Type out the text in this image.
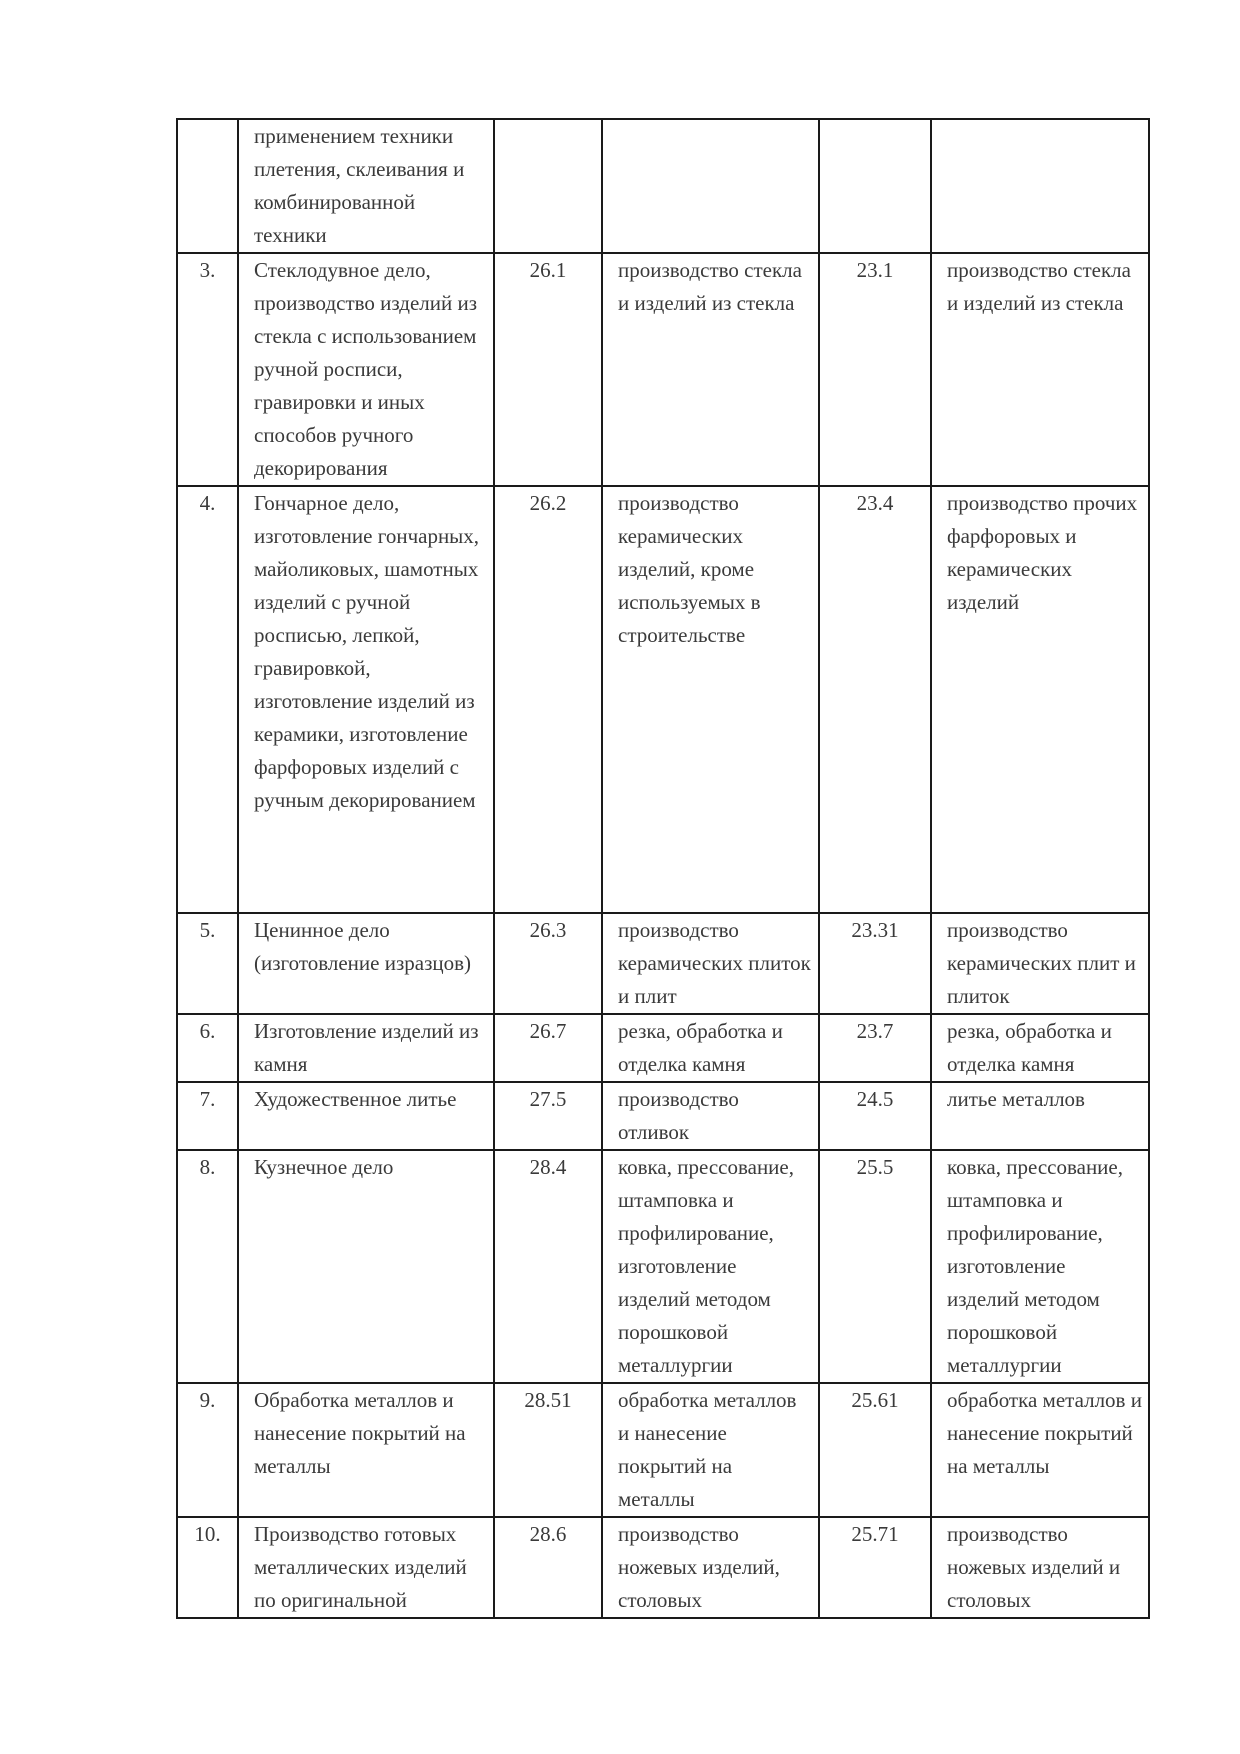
	применением техники плетения, склеивания и комбинированной техники				

3.	Стеклодувное дело, производство изделий из стекла с использованием ручной росписи, гравировки и иных способов ручного декорирования	26.1	производство стекла и изделий из стекла	23.1	производство стекла и изделий из стекла

4.	Гончарное дело, изготовление гончарных, майоликовых, шамотных изделий с ручной росписью, лепкой, гравировкой, изготовление изделий из керамики, изготовление фарфоровых изделий с ручным декорированием	26.2	производство керамических изделий, кроме используемых в строительстве	23.4	производство прочих фарфоровых и керамических изделий

5.	Ценинное дело (изготовление изразцов)	26.3	производство керамических плиток и плит	23.31	производство керамических плит и плиток

6.	Изготовление изделий из камня	26.7	резка, обработка и отделка камня	23.7	резка, обработка и отделка камня

7.	Художественное литье	27.5	производство отливок	24.5	литье металлов

8.	Кузнечное дело	28.4	ковка, прессование, штамповка и профилирование, изготовление изделий методом порошковой металлургии	25.5	ковка, прессование, штамповка и профилирование, изготовление изделий методом порошковой металлургии

9.	Обработка металлов и нанесение покрытий на металлы	28.51	обработка металлов и нанесение покрытий на металлы	25.61	обработка металлов и нанесение покрытий на металлы

10.	Производство готовых металлических изделий по оригинальной	28.6	производство ножевых изделий, столовых	25.71	производство ножевых изделий и столовых
